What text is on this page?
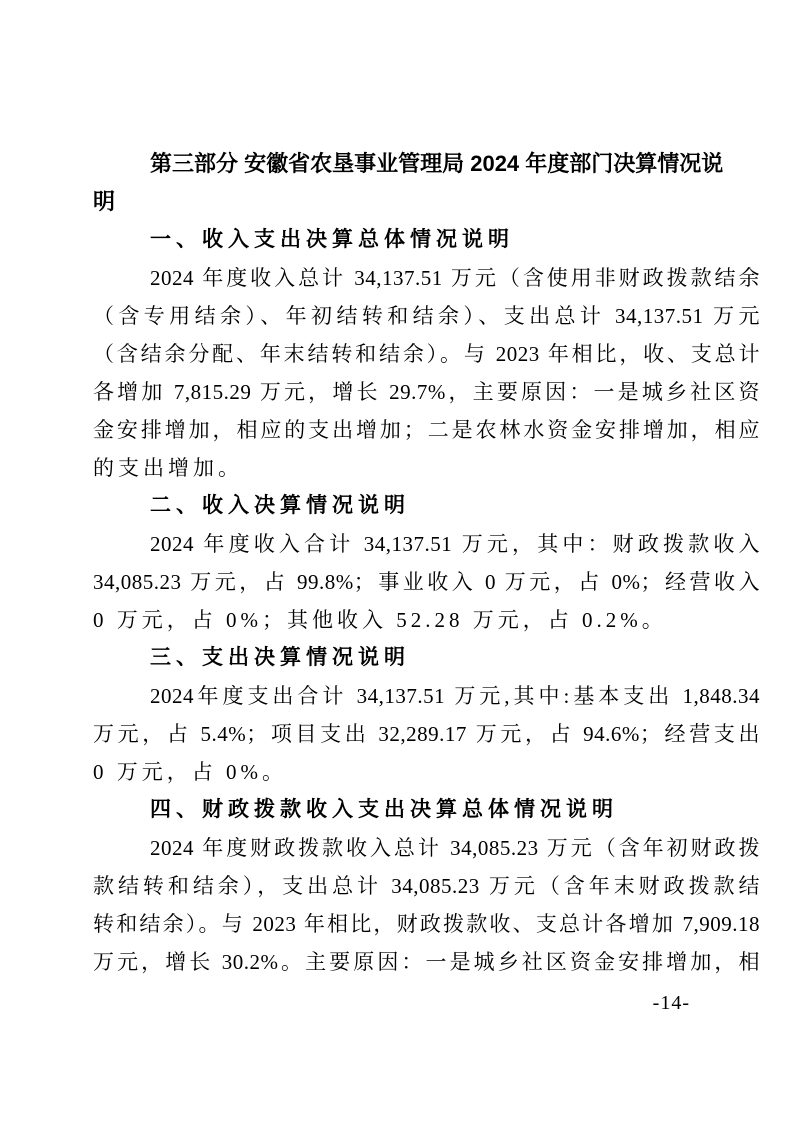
第三部分 安徽省农垦事业管理局 2024 年度部门决算情况说
明
一、收入支出决算总体情况说明
2024 年度收入总计 34,137.51 万元（含使用非财政拨款结余
（含专用结余）、年初结转和结余）、支出总计 34,137.51 万元
（含结余分配、年末结转和结余）。与 2023 年相比，收、支总计
各增加 7,815.29 万元，增长 29.7%，主要原因：一是城乡社区资
金安排增加，相应的支出增加；二是农林水资金安排增加，相应
的支出增加。
二、收入决算情况说明
2024 年度收入合计 34,137.51 万元，其中：财政拨款收入
34,085.23 万元，占 99.8%；事业收入 0 万元，占 0%；经营收入
0 万元，占 0%；其他收入 52.28 万元，占 0.2%。
三、支出决算情况说明
2024年度支出合计 34,137.51 万元,其中:基本支出 1,848.34
万元，占 5.4%；项目支出 32,289.17 万元，占 94.6%；经营支出
0 万元，占 0%。
四、财政拨款收入支出决算总体情况说明
2024 年度财政拨款收入总计 34,085.23 万元（含年初财政拨
款结转和结余），支出总计 34,085.23 万元（含年末财政拨款结
转和结余）。与 2023 年相比，财政拨款收、支总计各增加 7,909.18
万元，增长 30.2%。主要原因：一是城乡社区资金安排增加，相
-14-
